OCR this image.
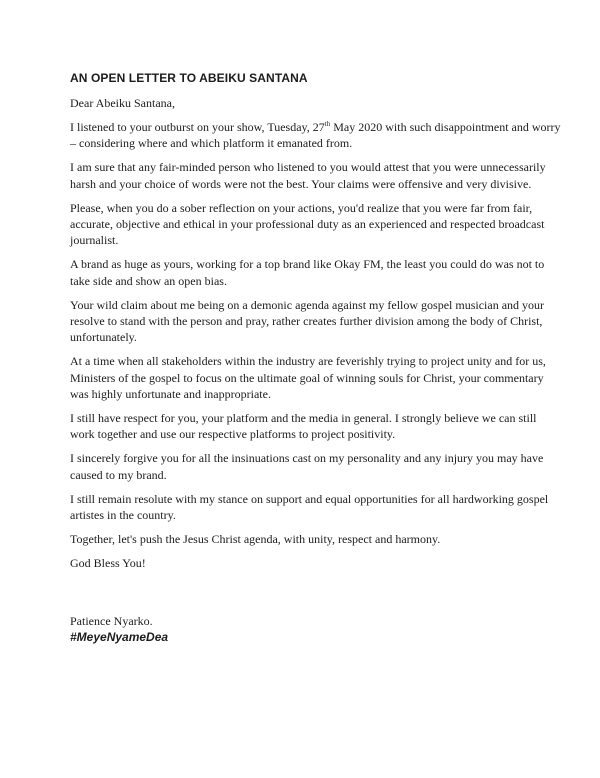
AN OPEN LETTER TO ABEIKU SANTANA
Dear Abeiku Santana,
I listened to your outburst on your show, Tuesday, 27th May 2020 with such disappointment and worry – considering where and which platform it emanated from.
I am sure that any fair-minded person who listened to you would attest that you were unnecessarily harsh and your choice of words were not the best. Your claims were offensive and very divisive.
Please, when you do a sober reflection on your actions, you'd realize that you were far from fair, accurate, objective and ethical in your professional duty as an experienced and respected broadcast journalist.
A brand as huge as yours, working for a top brand like Okay FM, the least you could do was not to take side and show an open bias.
Your wild claim about me being on a demonic agenda against my fellow gospel musician and your resolve to stand with the person and pray, rather creates further division among the body of Christ, unfortunately.
At a time when all stakeholders within the industry are feverishly trying to project unity and for us, Ministers of the gospel to focus on the ultimate goal of winning souls for Christ, your commentary was highly unfortunate and inappropriate.
I still have respect for you, your platform and the media in general. I strongly believe we can still work together and use our respective platforms to project positivity.
I sincerely forgive you for all the insinuations cast on my personality and any injury you may have caused to my brand.
I still remain resolute with my stance on support and equal opportunities for all hardworking gospel artistes in the country.
Together, let's push the Jesus Christ agenda, with unity, respect and harmony.
God Bless You!
Patience Nyarko.
#MeyeNyameDea
